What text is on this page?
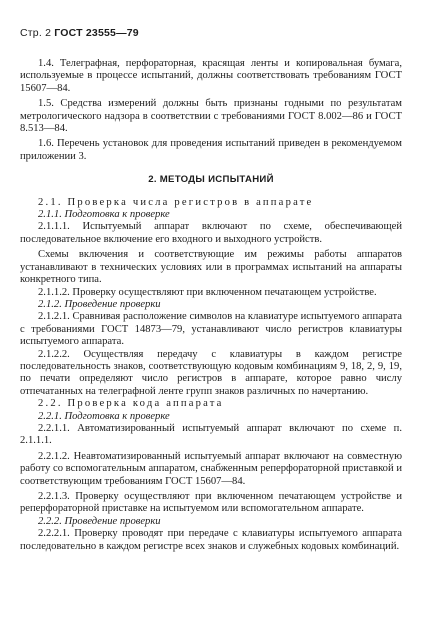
Стр. 2 ГОСТ 23555—79

1.4. Телеграфная, перфораторная, красящая ленты и копировальная бумага, используемые в процессе испытаний, должны соответствовать требованиям ГОСТ 15607—84.

1.5. Средства измерений должны быть признаны годными по результатам метрологического надзора в соответствии с требованиями ГОСТ 8.002—86 и ГОСТ 8.513—84.

1.6. Перечень установок для проведения испытаний приведен в рекомендуемом приложении 3.

2. МЕТОДЫ ИСПЫТАНИЙ

2.1. Проверка числа регистров в аппарате

2.1.1. Подготовка к проверке

2.1.1.1. Испытуемый аппарат включают по схеме, обеспечивающей последовательное включение его входного и выходного устройств.

Схемы включения и соответствующие им режимы работы аппаратов устанавливают в технических условиях или в программах испытаний на аппараты конкретного типа.

2.1.1.2. Проверку осуществляют при включенном печатающем устройстве.

2.1.2. Проведение проверки

2.1.2.1. Сравнивая расположение символов на клавиатуре испытуемого аппарата с требованиями ГОСТ 14873—79, устанавливают число регистров клавиатуры испытуемого аппарата.

2.1.2.2. Осуществляя передачу с клавиатуры в каждом регистре последовательность знаков, соответствующую кодовым комбинациям 9, 18, 2, 9, 19, по печати определяют число регистров в аппарате, которое равно числу отпечатанных на телеграфной ленте групп знаков различных по начертанию.

2.2. Проверка кода аппарата

2.2.1. Подготовка к проверке

2.2.1.1. Автоматизированный испытуемый аппарат включают по схеме п. 2.1.1.1.

2.2.1.2. Неавтоматизированный испытуемый аппарат включают на совместную работу со вспомогательным аппаратом, снабженным реперфораторной приставкой и соответствующим требованиям ГОСТ 15607—84.

2.2.1.3. Проверку осуществляют при включенном печатающем устройстве и реперфораторной приставке на испытуемом или вспомогательном аппарате.

2.2.2. Проведение проверки

2.2.2.1. Проверку проводят при передаче с клавиатуры испытуемого аппарата последовательно в каждом регистре всех знаков и служебных кодовых комбинаций.
